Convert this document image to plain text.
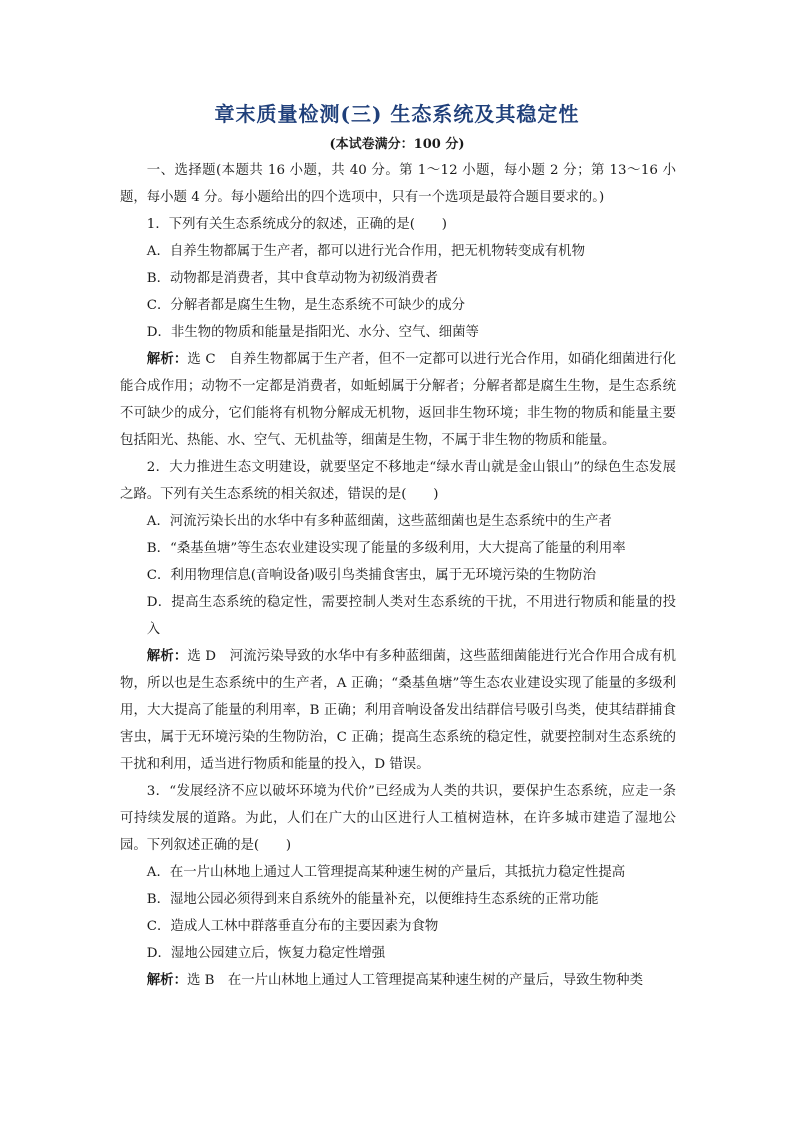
章末质量检测(三) 生态系统及其稳定性
(本试卷满分：100 分)

一、选择题(本题共 16 小题，共 40 分。第 1～12 小题，每小题 2 分；第 13～16 小题，每小题 4 分。每小题给出的四个选项中，只有一个选项是最符合题目要求的。)

1．下列有关生态系统成分的叙述，正确的是(　　)

A．自养生物都属于生产者，都可以进行光合作用，把无机物转变成有机物

B．动物都是消费者，其中食草动物为初级消费者

C．分解者都是腐生生物，是生态系统不可缺少的成分

D．非生物的物质和能量是指阳光、水分、空气、细菌等

解析：选 C　自养生物都属于生产者，但不一定都可以进行光合作用，如硝化细菌进行化能合成作用；动物不一定都是消费者，如蚯蚓属于分解者；分解者都是腐生生物，是生态系统不可缺少的成分，它们能将有机物分解成无机物，返回非生物环境；非生物的物质和能量主要包括阳光、热能、水、空气、无机盐等，细菌是生物，不属于非生物的物质和能量。

2．大力推进生态文明建设，就要坚定不移地走“绿水青山就是金山银山”的绿色生态发展之路。下列有关生态系统的相关叙述，错误的是(　　)

A．河流污染长出的水华中有多种蓝细菌，这些蓝细菌也是生态系统中的生产者

B．“桑基鱼塘”等生态农业建设实现了能量的多级利用，大大提高了能量的利用率

C．利用物理信息(音响设备)吸引鸟类捕食害虫，属于无环境污染的生物防治

D．提高生态系统的稳定性，需要控制人类对生态系统的干扰，不用进行物质和能量的投入

解析：选 D　河流污染导致的水华中有多种蓝细菌，这些蓝细菌能进行光合作用合成有机物，所以也是生态系统中的生产者，A 正确；“桑基鱼塘”等生态农业建设实现了能量的多级利用，大大提高了能量的利用率，B 正确；利用音响设备发出结群信号吸引鸟类，使其结群捕食害虫，属于无环境污染的生物防治，C 正确；提高生态系统的稳定性，就要控制对生态系统的干扰和利用，适当进行物质和能量的投入，D 错误。

3．“发展经济不应以破坏环境为代价”已经成为人类的共识，要保护生态系统，应走一条可持续发展的道路。为此，人们在广大的山区进行人工植树造林，在许多城市建造了湿地公园。下列叙述正确的是(　　)

A．在一片山林地上通过人工管理提高某种速生树的产量后，其抵抗力稳定性提高

B．湿地公园必须得到来自系统外的能量补充，以便维持生态系统的正常功能

C．造成人工林中群落垂直分布的主要因素为食物

D．湿地公园建立后，恢复力稳定性增强

解析：选 B　在一片山林地上通过人工管理提高某种速生树的产量后，导致生物种类
